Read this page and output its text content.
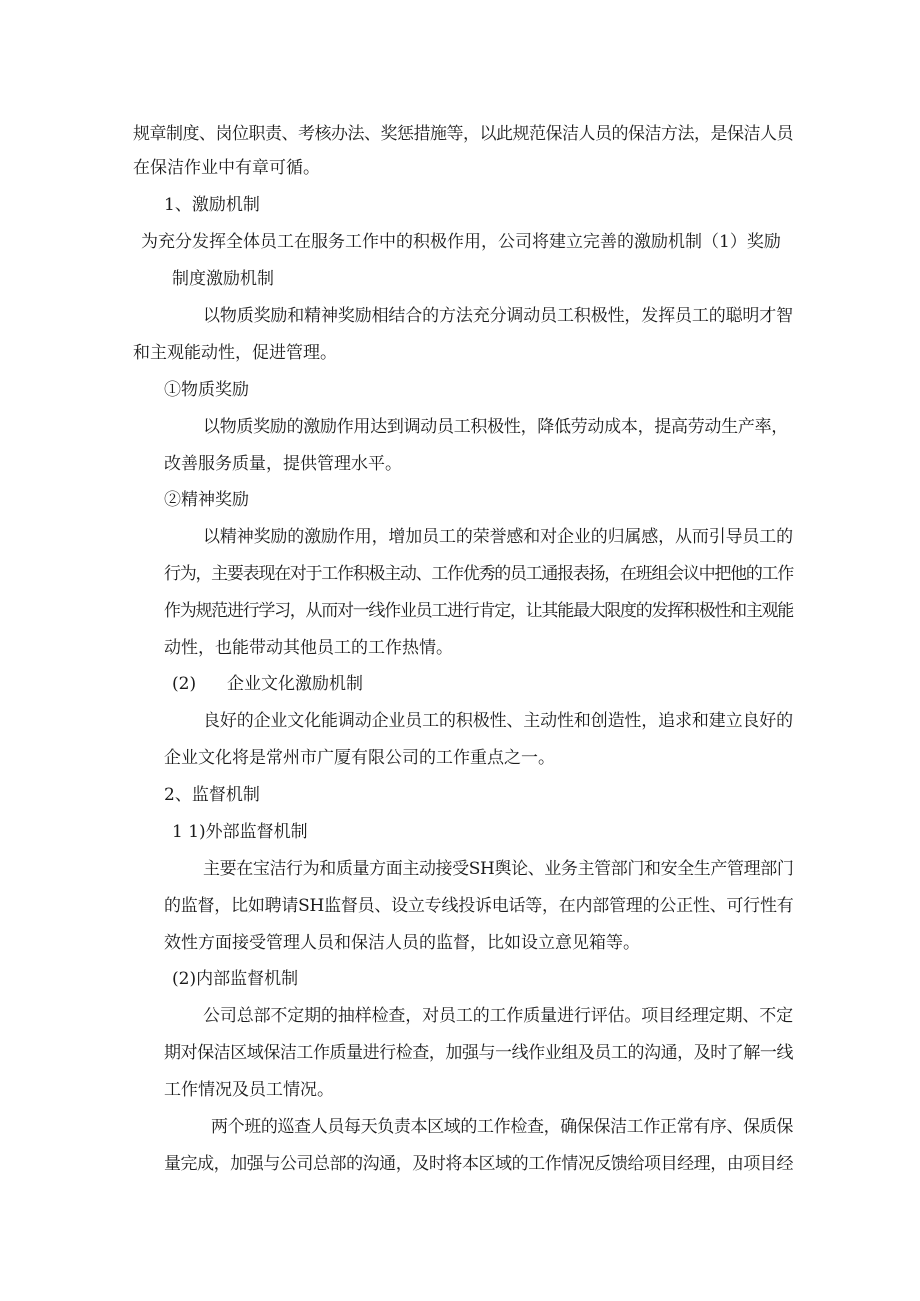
规章制度、岗位职责、考核办法、奖惩措施等，以此规范保洁人员的保洁方法，是保洁人员
在保洁作业中有章可循。
1、激励机制
为充分发挥全体员工在服务工作中的积极作用，公司将建立完善的激励机制（1）奖励
制度激励机制
以物质奖励和精神奖励相结合的方法充分调动员工积极性，发挥员工的聪明才智
和主观能动性，促进管理。
①物质奖励
以物质奖励的激励作用达到调动员工积极性，降低劳动成本，提高劳动生产率，
改善服务质量，提供管理水平。
②精神奖励
以精神奖励的激励作用，增加员工的荣誉感和对企业的归属感，从而引导员工的
行为，主要表现在对于工作积极主动、工作优秀的员工通报表扬，在班组会议中把他的工作
作为规范进行学习，从而对一线作业员工进行肯定，让其能最大限度的发挥积极性和主观能
动性，也能带动其他员工的工作热情。
(2) 企业文化激励机制
良好的企业文化能调动企业员工的积极性、主动性和创造性，追求和建立良好的
企业文化将是常州市广厦有限公司的工作重点之一。
2、监督机制
1 1)外部监督机制
主要在宝洁行为和质量方面主动接受SH舆论、业务主管部门和安全生产管理部门
的监督，比如聘请SH监督员、设立专线投诉电话等，在内部管理的公正性、可行性有
效性方面接受管理人员和保洁人员的监督，比如设立意见箱等。
(2)内部监督机制
公司总部不定期的抽样检查，对员工的工作质量进行评估。项目经理定期、不定
期对保洁区域保洁工作质量进行检查，加强与一线作业组及员工的沟通，及时了解一线
工作情况及员工情况。
两个班的巡查人员每天负责本区域的工作检查，确保保洁工作正常有序、保质保
量完成，加强与公司总部的沟通，及时将本区域的工作情况反馈给项目经理，由项目经
